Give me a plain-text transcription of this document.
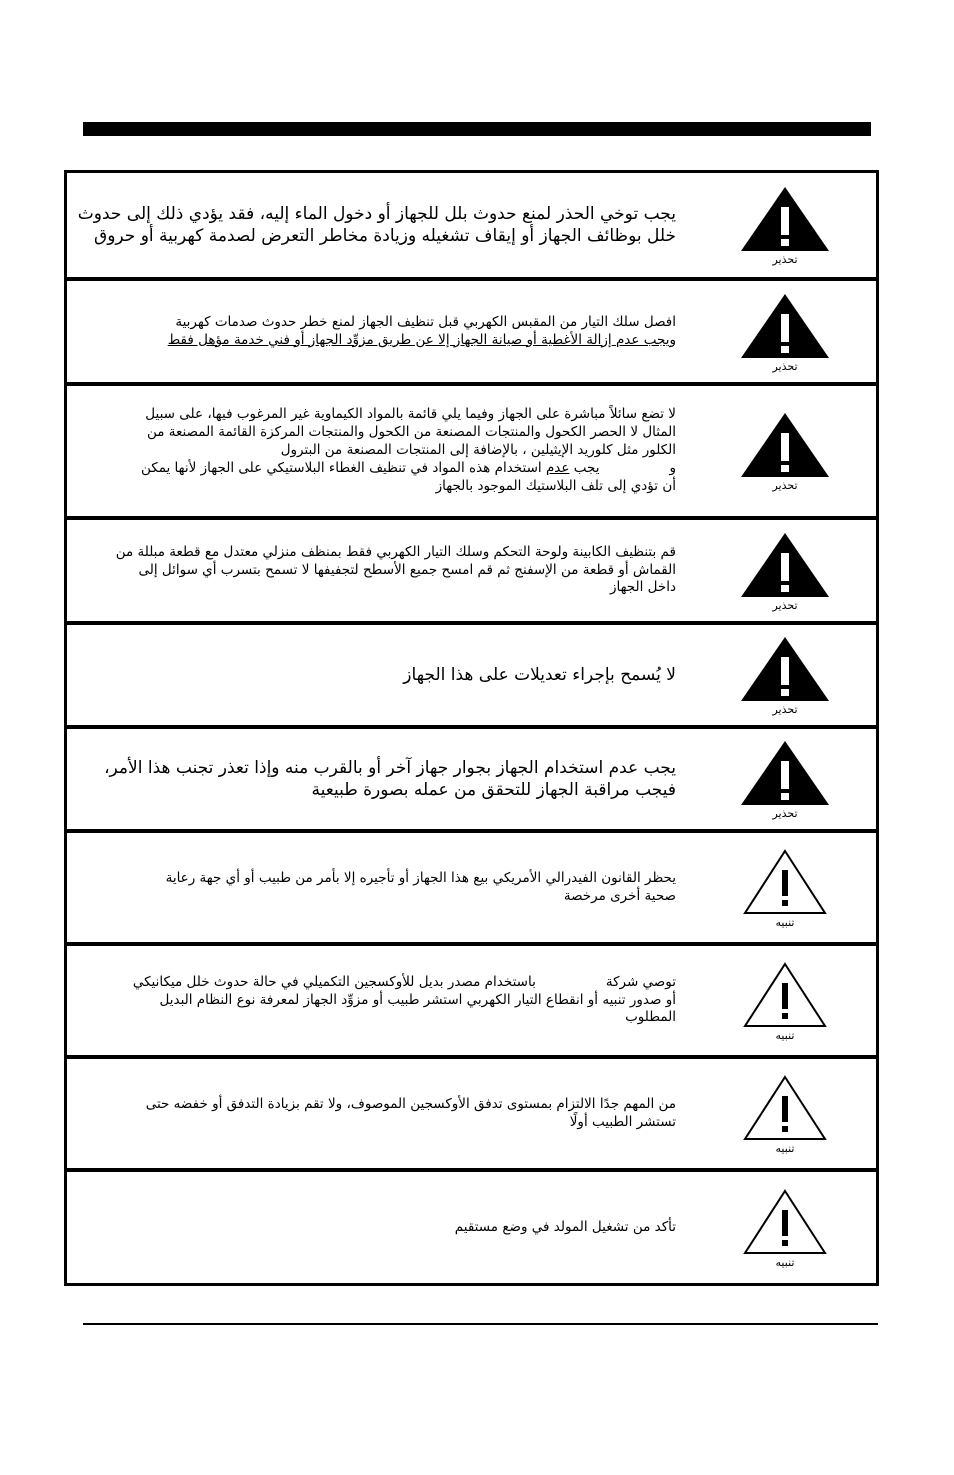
يجب توخي الحذر لمنع حدوث بلل للجهاز أو دخول الماء إليه، فقد يؤدي ذلك إلى حدوث
خلل بوظائف الجهاز أو إيقاف تشغيله وزيادة مخاطر التعرض لصدمة كهربية أو حروق
تحذير
افصل سلك التيار من المقبس الكهربي قبل تنظيف الجهاز لمنع خطر حدوث صدمات كهربية
ويجب عدم إزالة الأغطية أو صيانة الجهاز إلا عن طريق مزوِّد الجهاز أو فني خدمة مؤهل فقط
تحذير
لا تضع سائلاً مباشرة على الجهاز وفيما يلي قائمة بالمواد الكيماوية غير المرغوب فيها، على سبيل
المثال لا الحصر الكحول والمنتجات المصنعة من الكحول والمنتجات المركزة القائمة المصنعة من
الكلور مثل كلوريد الإيثيلين ، بالإضافة إلى المنتجات المصنعة من البترول
ويجب عدم استخدام هذه المواد في تنظيف الغطاء البلاستيكي على الجهاز لأنها يمكن
أن تؤدي إلى تلف البلاستيك الموجود بالجهاز	تحذير
قم بتنظيف الكابينة ولوحة التحكم وسلك التيار الكهربي فقط بمنظف منزلي معتدل مع قطعة مبللة من
القماش أو قطعة من الإسفنج ثم قم امسح جميع الأسطح لتجفيفها لا تسمح بتسرب أي سوائل إلى
داخل الجهاز
تحذير
لا يُسمح بإجراء تعديلات على هذا الجهاز
تحذير
يجب عدم استخدام الجهاز بجوار جهاز آخر أو بالقرب منه وإذا تعذر تجنب هذا الأمر،
فيجب مراقبة الجهاز للتحقق من عمله بصورة طبيعية
تحذير
يحظر القانون الفيدرالي الأمريكي بيع هذا الجهاز أو تأجيره إلا بأمر من طبيب أو أي جهة رعاية
صحية أخرى مرخصة
تنبيه
توصي شركةباستخدام مصدر بديل للأوكسجين التكميلي في حالة حدوث خلل ميكانيكي
أو صدور تنبيه أو انقطاع التيار الكهربي استشر طبيب أو مزوِّد الجهاز لمعرفة نوع النظام البديل
المطلوب
تنبيه
من المهم جدًا الالتزام بمستوى تدفق الأوكسجين الموصوف، ولا تقم بزيادة التدفق أو خفضه حتى
تستشر الطبيب أولًا
تنبيه
تأكد من تشغيل المولد في وضع مستقيم
تنبيه
